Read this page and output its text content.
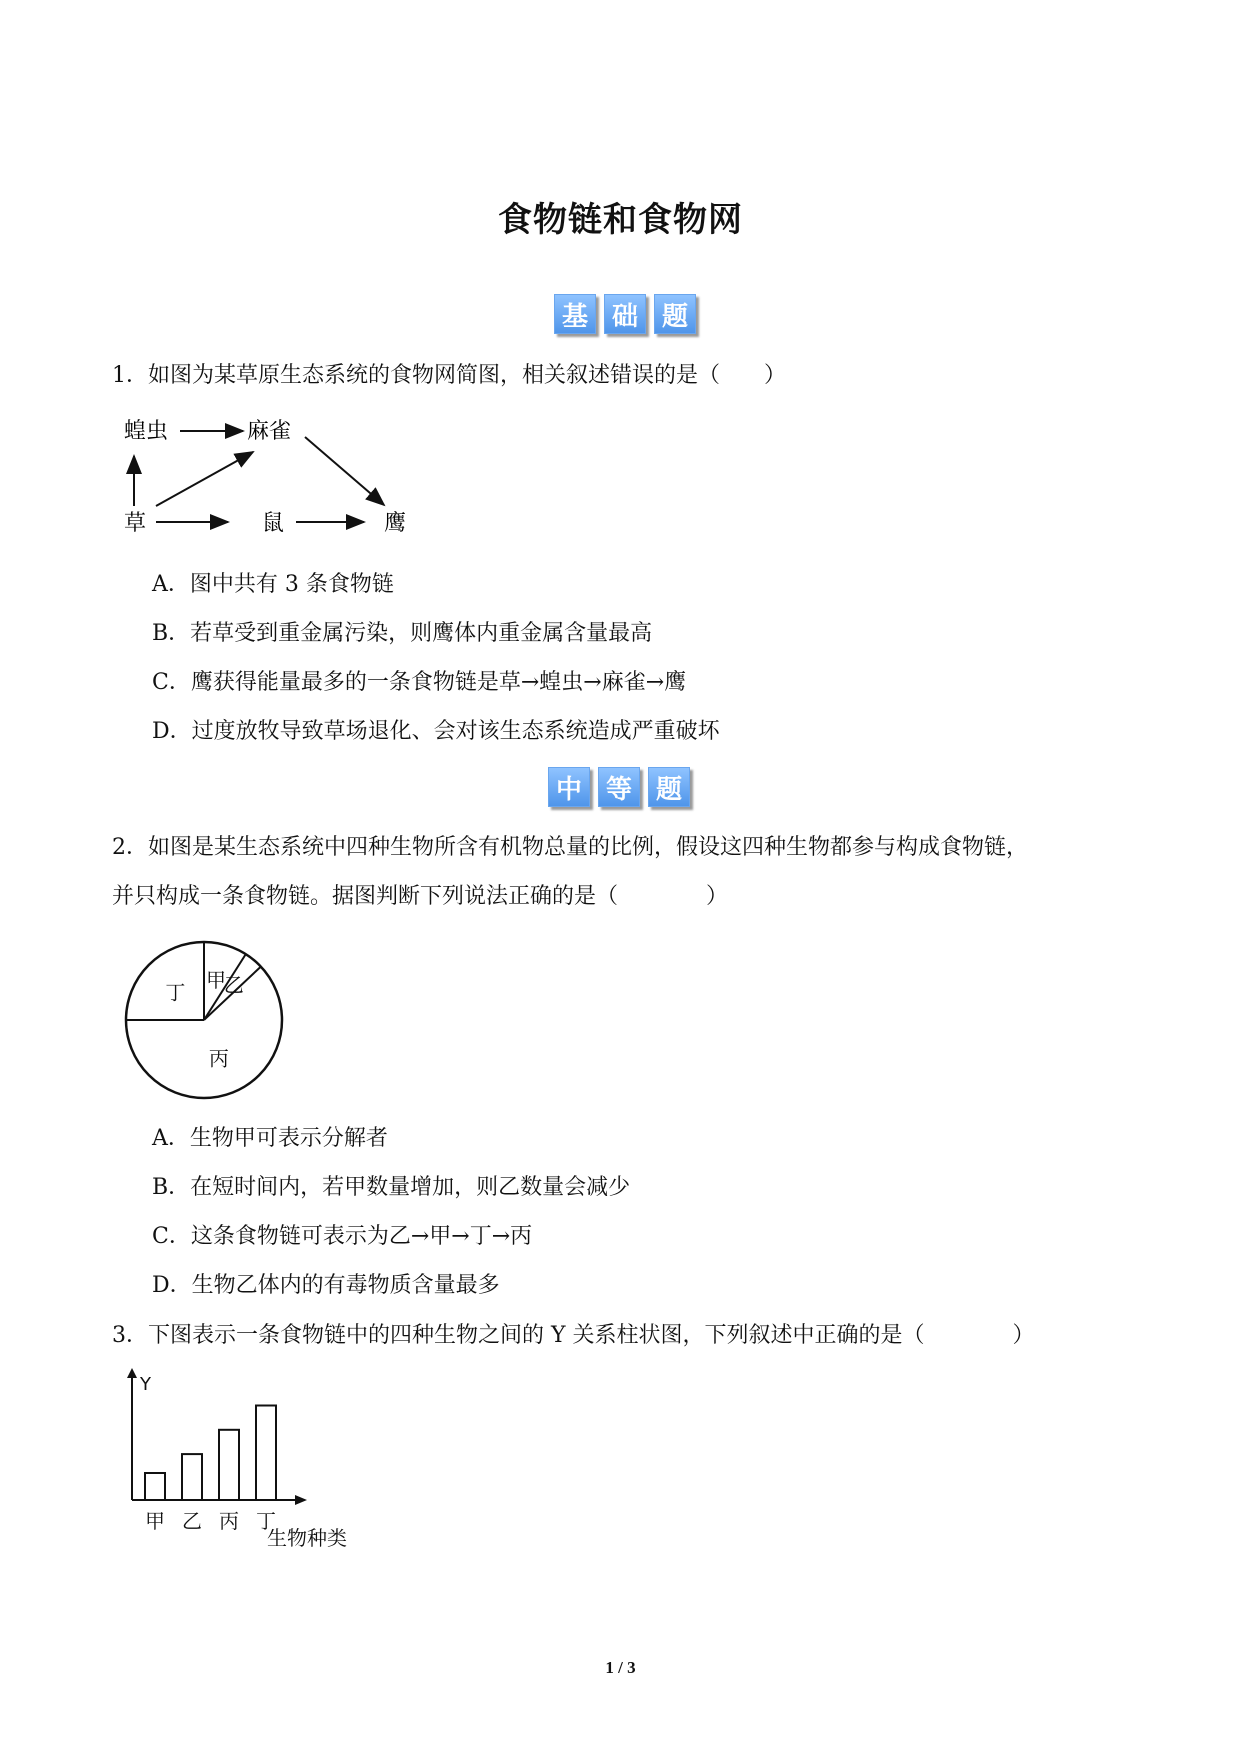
食物链和食物网
基 础 题
1．如图为某草原生态系统的食物网简图，相关叙述错误的是（　　）
蝗虫	麻雀
草	鼠	鹰
A．图中共有 3 条食物链
B．若草受到重金属污染，则鹰体内重金属含量最高
C．鹰获得能量最多的一条食物链是草→蝗虫→麻雀→鹰
D．过度放牧导致草场退化、会对该生态系统造成严重破坏
中 等 题
2．如图是某生态系统中四种生物所含有机物总量的比例，假设这四种生物都参与构成食物链，
并只构成一条食物链。据图判断下列说法正确的是（　　　　）
甲
乙
丙
丁
A．生物甲可表示分解者
B．在短时间内，若甲数量增加，则乙数量会减少
C．这条食物链可表示为乙→甲→丁→丙
D．生物乙体内的有毒物质含量最多
3．下图表示一条食物链中的四种生物之间的 Y 关系柱状图，下列叙述中正确的是（　　　　）
Y
甲 乙 丙 丁
生物种类
1 / 3
